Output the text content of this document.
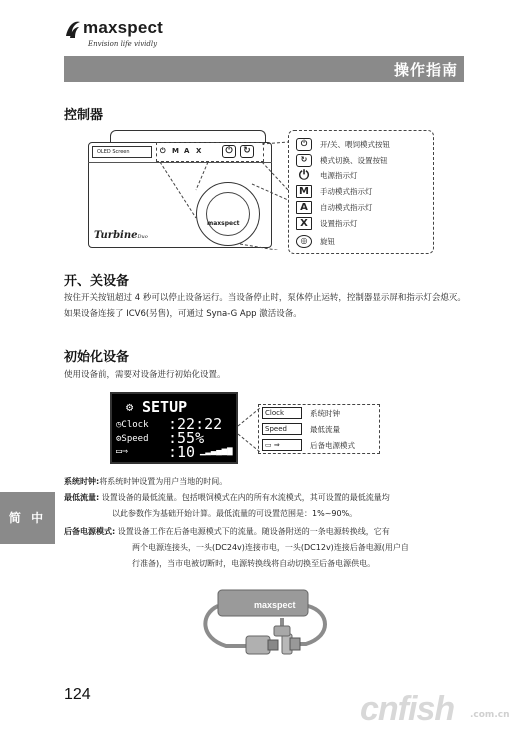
maxspect
Envision life vividly
操作指南
控制器
OLED Screen	⏻ M A X	⏻	↻
maxspect
TurbineDuo
⏻	开/关、喂饲模式按钮
↻	模式切换、设置按钮
⏻	电源指示灯
M	手动模式指示灯
A	自动模式指示灯
X	设置指示灯
◎	旋钮
开、关设备
按住开关按钮超过 4 秒可以停止设备运行。当设备停止时，泵体停止运转，控制器显示屏和指示灯会熄灭。如果设备连接了 ICV6(另售)，可通过 Syna-G App 激活设备。
初始化设备
使用设备前，需要对设备进行初始化设置。
SETUP
⚙
◷Clock :22:22
⚙Speed :55%
▭⇒	:10 ▁▂▃▄▅▆
Clock	系统时钟
Speed	最低流量
▭ ⇒	后备电源模式
系统时钟:将系统时钟设置为用户当地的时间。
最低流量: 设置设备的最低流量。包括喂饲模式在内的所有水流模式，其可设置的最低流量均
以此参数作为基础开始计算。最低流量的可设置范围是：1%~90%。
后备电源模式: 设置设备工作在后备电源模式下的流量。随设备附送的一条电源转换线，它有
两个电源连接头，一头(DC24v)连接市电，一头(DC12v)连接后备电源(用户自
行准备)，当市电被切断时，电源转换线将自动切换至后备电源供电。
简 中
maxspect
124	cnfish .com.cn
